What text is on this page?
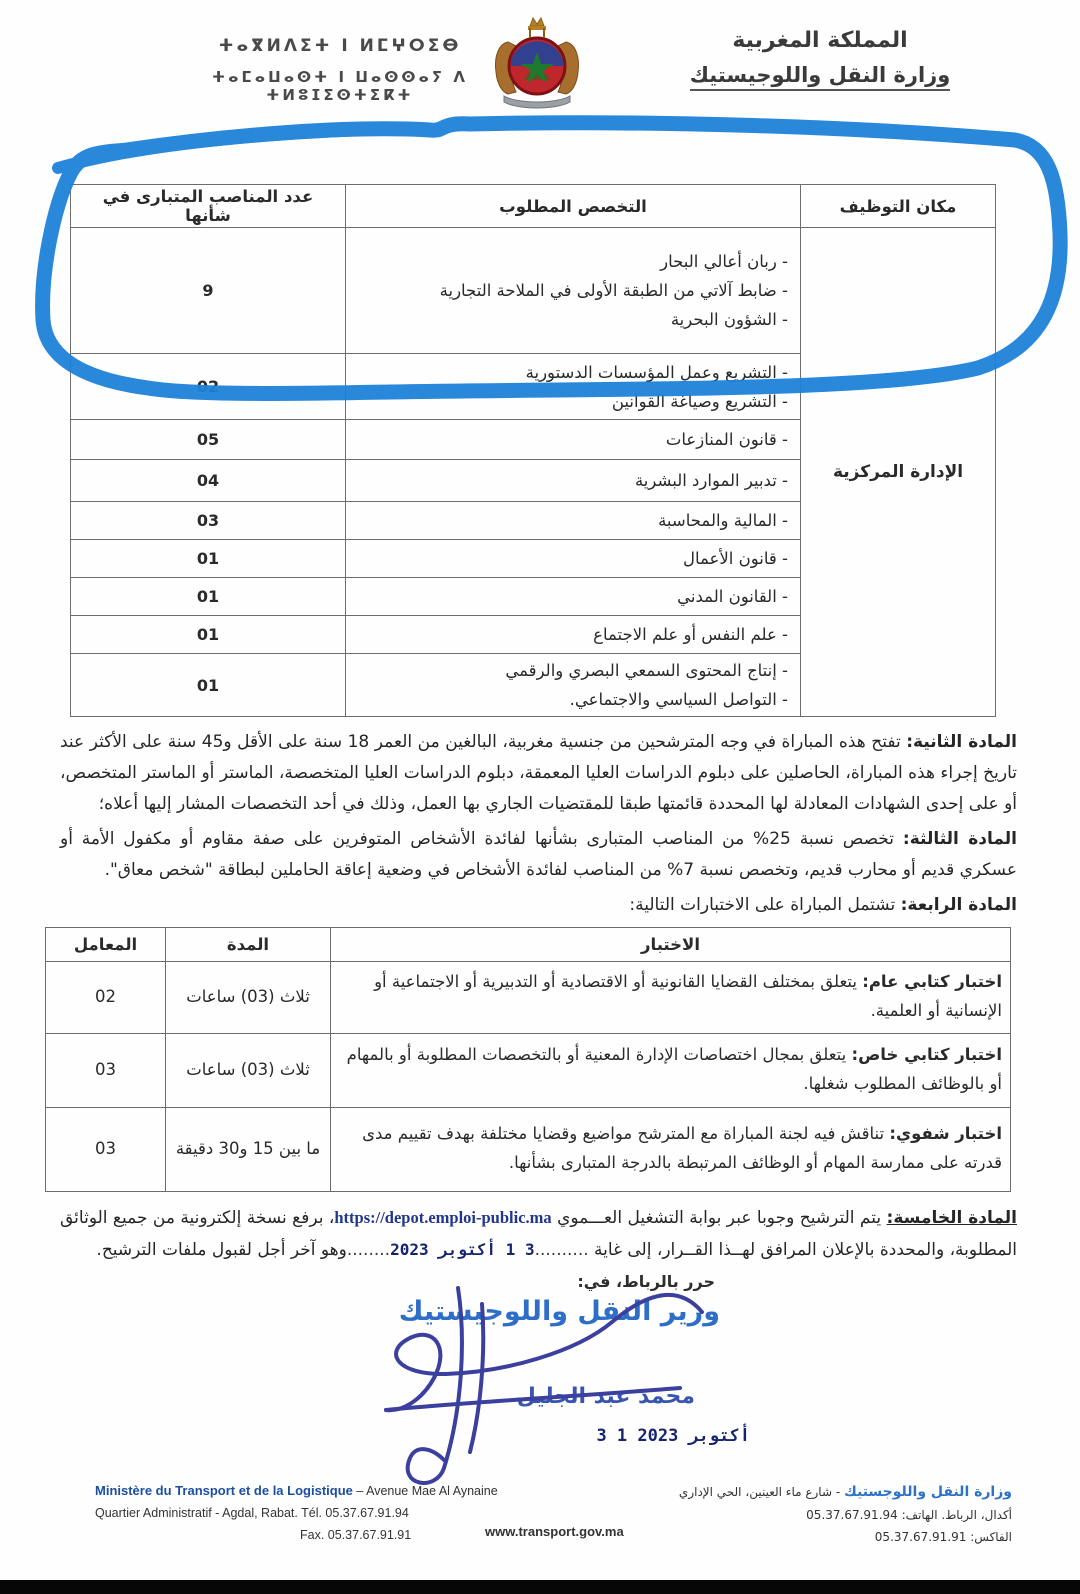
ⵜⴰⴳⵍⴷⵉⵜ ⵏ ⵍⵎⵖⵔⵉⴱ
ⵜⴰⵎⴰⵡⴰⵙⵜ ⵏ ⵡⴰⵙⵙⴰⵢ ⴷ ⵜⵍⵓⵊⵉⵙⵜⵉⴽⵜ
المملكة المغربية
وزارة النقل واللوجيستيك
مكان التوظيف	التخصص المطلوب	عدد المناصب المتبارى في شأنها
الإدارة المركزية	- ربان أعالي البحار
- ضابط آلاتي من الطبقة الأولى في الملاحة التجارية
- الشؤون البحرية	9

	- التشريع وعمل المؤسسات الدستورية
- التشريع وصياغة القوانين	02

	- قانون المنازعات	05

	- تدبير الموارد البشرية	04

	- المالية والمحاسبة	03

	- قانون الأعمال	01

	- القانون المدني	01

	- علم النفس أو علم الاجتماع	01

	- إنتاج المحتوى السمعي البصري والرقمي
- التواصل السياسي والاجتماعي.	01

المادة الثانية: تفتح هذه المباراة في وجه المترشحين من جنسية مغربية، البالغين من العمر 18 سنة على الأقل و45 سنة على الأكثر عند تاريخ إجراء هذه المباراة، الحاصلين على دبلوم الدراسات العليا المعمقة، دبلوم الدراسات العليا المتخصصة، الماستر أو الماستر المتخصص، أو على إحدى الشهادات المعادلة لها المحددة قائمتها طبقا للمقتضيات الجاري بها العمل، وذلك في أحد التخصصات المشار إليها أعلاه؛

المادة الثالثة: تخصص نسبة 25% من المناصب المتبارى بشأنها لفائدة الأشخاص المتوفرين على صفة مقاوم أو مكفول الأمة أو عسكري قديم أو محارب قديم، وتخصص نسبة 7% من المناصب لفائدة الأشخاص في وضعية إعاقة الحاملين لبطاقة "شخص معاق".

المادة الرابعة: تشتمل المباراة على الاختبارات التالية:

الاختبار	المدة	المعامل
اختبار كتابي عام: يتعلق بمختلف القضايا القانونية أو الاقتصادية أو التدبيرية أو الاجتماعية أو الإنسانية أو العلمية.	ثلاث (03) ساعات	02
اختبار كتابي خاص: يتعلق بمجال اختصاصات الإدارة المعنية أو بالتخصصات المطلوبة أو بالمهام أو بالوظائف المطلوب شغلها.	ثلاث (03) ساعات	03
اختبار شفوي: تناقش فيه لجنة المباراة مع المترشح مواضيع وقضايا مختلفة بهدف تقييم مدى قدرته على ممارسة المهام أو الوظائف المرتبطة بالدرجة المتبارى بشأنها.	ما بين 15 و30 دقيقة	03
المادة الخامسة: يتم الترشيح وجوبا عبر بوابة التشغيل العـــموي https://depot.emploi-public.ma، برفع نسخة إلكترونية من جميع الوثائق المطلوبة، والمحددة بالإعلان المرافق لهــذا القــرار، إلى غاية ..........3 1 أكتوبر 2023........وهو آخر أجل لقبول ملفات الترشيح.
حرر بالرباط، في:
وزير النقل واللوجيستيك
محمد عبد الجليل
3 1 أكتوبر 2023
Ministère du Transport et de la Logistique – Avenue Mae Al Aynaine
Quartier Administratif - Agdal, Rabat. Tél. 05.37.67.91.94
Fax. 05.37.67.91.91	www.transport.gov.ma
وزارة النقل واللوجستيك - شارع ماء العينين، الحي الإداري
أكدال، الرباط. الهاتف: 05.37.67.91.94
الفاكس: 05.37.67.91.91
